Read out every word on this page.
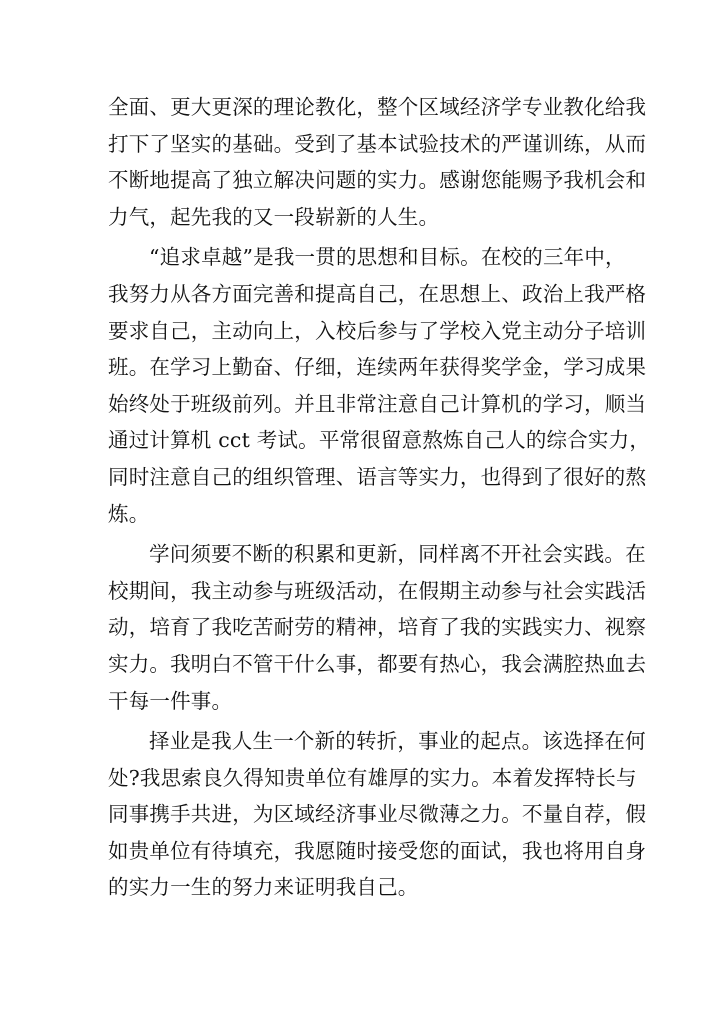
全面、更大更深的理论教化，整个区域经济学专业教化给我
打下了坚实的基础。受到了基本试验技术的严谨训练，从而
不断地提高了独立解决问题的实力。感谢您能赐予我机会和
力气，起先我的又一段崭新的人生。

“追求卓越”是我一贯的思想和目标。在校的三年中，
我努力从各方面完善和提高自己，在思想上、政治上我严格
要求自己，主动向上，入校后参与了学校入党主动分子培训
班。在学习上勤奋、仔细，连续两年获得奖学金，学习成果
始终处于班级前列。并且非常注意自己计算机的学习，顺当
通过计算机 cct 考试。平常很留意熬炼自己人的综合实力，
同时注意自己的组织管理、语言等实力，也得到了很好的熬
炼。

学问须要不断的积累和更新，同样离不开社会实践。在
校期间，我主动参与班级活动，在假期主动参与社会实践活
动，培育了我吃苦耐劳的精神，培育了我的实践实力、视察
实力。我明白不管干什么事，都要有热心，我会满腔热血去
干每一件事。

择业是我人生一个新的转折，事业的起点。该选择在何
处?我思索良久得知贵单位有雄厚的实力。本着发挥特长与
同事携手共进，为区域经济事业尽微薄之力。不量自荐，假
如贵单位有待填充，我愿随时接受您的面试，我也将用自身
的实力一生的努力来证明我自己。
